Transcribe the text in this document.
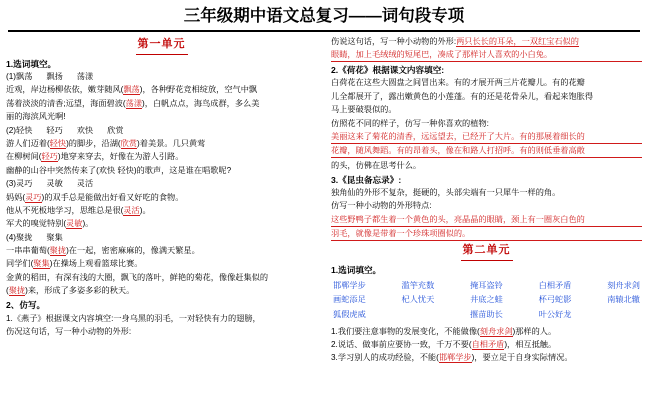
三年级期中语文总复习——词句段专项
第一单元
1.选词填空。
(1)飘荡 飘扬 荡漾
近观，岸边杨柳依依，嫩芽随风(飘荡)，各种野花竞相绽放，空气中飘
荡着淡淡的清香;远望，海面碧波(荡漾)，白帆点点，海鸟成群，多么美
丽的海滨风光啊!
(2)轻快 轻巧 欢快 欣赏
游人们迈着(轻快)的脚步，沿湖(欣赏)着美景。几只黄莺
在柳树间(轻巧)地穿来穿去，好像在为游人引路。
幽静的山谷中突然传来了(欢快 轻快)的歌声，这是谁在唱歌呢?
(3)灵巧 灵敏 灵活
妈妈(灵巧)的双手总是能做出好看又好吃的食物。
他从不死板地学习，思维总是很(灵活)。
军犬的嗅觉特别(灵敏)。
(4)聚拢 聚集
一串串葡萄(聚拢)在一起，密密麻麻的，像满天繁星。
同学们(聚集)在操场上观看篮球比赛。
金黄的稻田，有深有浅的大圈，飘飞的落叶，鲜艳的菊花，像像赶集似的
(聚拢)来，形成了多姿多彩的秋天。
2、仿写。
1.《燕子》根据课文内容填空:一身乌黑的羽毛，一对轻快有力的翅膀，
伤况这句话，写一种小动物的外形:
伤说这句话，写一种小动物的外形:两只长长的耳朵，一双红宝石似的
眼睛，加上毛绒绒的短尾巴，凑成了那样讨人喜欢的小白兔。
2.《荷花》根据课文内容填空:
白荷花在这些大圆盘之间冒出来。有的才展开两三片花瓣儿。有的花瓣
儿全都展开了，露出嫩黄色的小莲蓬。有的还是花骨朵儿，看起来饱胀得
马上要破裂似的。
仿照花不同的样子，仿写一种你喜欢的植物:
美丽这来了菊花的清香，远远望去，已经开了大片。有的那展着细长的
花瓣，随风舞蹈。有的昂着头，像在和路人打招呼。有的则低垂着高敞
的头，仿佛在思考什么。
3.《昆虫备忘录》:
独角仙的外形不复杂，挺硬的，头部尖端有一只犀牛一样的角。
仿写一种小动物的外形特点:
这些野鸭子都生着一个黄色的头，亮晶晶的眼睛，颈上有一圈灰白色的
羽毛，就像是带着一个珍珠项圈似的。
第二单元
1.选词填空。
邯郸学步	滥竽充数	掩耳盗铃	白相矛盾	刻舟求剑
画蛇添足	杞人忧天	井底之蛙	杯弓蛇影	南辕北辙
狐假虎威		揠苗助长	叶公好龙	
1.我们要注意事物的发展变化，不能做像(刻舟求剑)那样的人。
2.说话、做事前应要协一致，千万不要(自相矛盾)，相互抵触。
3.学习别人的成功经验，不能(邯郸学步)，要立足于自身实际情况。
